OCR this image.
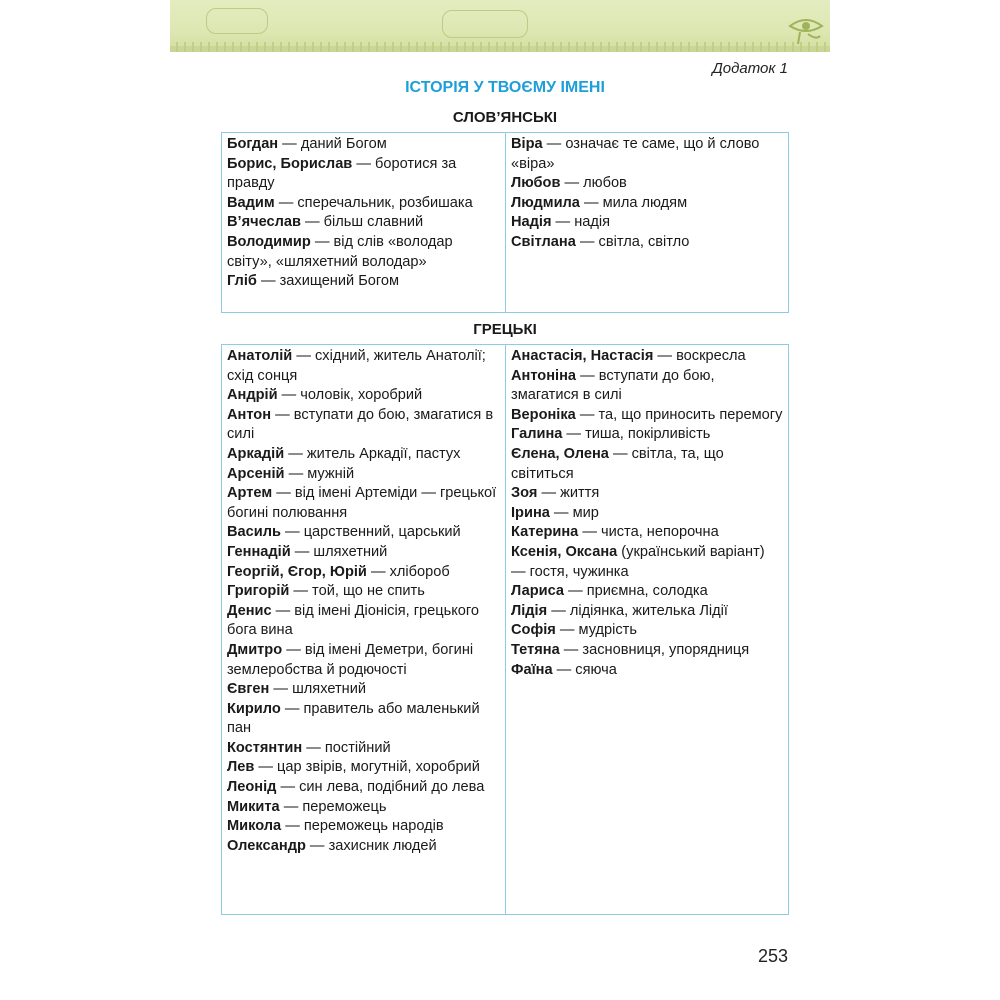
Додаток 1
ІСТОРІЯ У ТВОЄМУ ІМЕНІ
СЛОВ’ЯНСЬКІ
Богдан — даний Богом
Борис, Борислав — боротися за правду
Вадим — сперечальник, розбишака
В’ячеслав — більш славний
Володимир — від слів «володар світу», «шляхетний володар»
Гліб — захищений Богом
Віра — означає те саме, що й слово «віра»
Любов — любов
Людмила — мила людям
Надія — надія
Світлана — світла, світло
ГРЕЦЬКІ
Анатолій — східний, житель Анатолії; схід сонця
Андрій — чоловік, хоробрий
Антон — вступати до бою, змагатися в силі
Аркадій — житель Аркадії, пастух
Арсеній — мужній
Артем — від імені Артеміди — грецької богині полювання
Василь — царственний, царський
Геннадій — шляхетний
Георгій, Єгор, Юрій — хлібороб
Григорій — той, що не спить
Денис — від імені Діонісія, грецького бога вина
Дмитро — від імені Деметри, богині землеробства й родючості
Євген — шляхетний
Кирило — правитель або маленький пан
Костянтин — постійний
Лев — цар звірів, могутній, хоробрий
Леонід — син лева, подібний до лева
Микита — переможець
Микола — переможець народів
Олександр — захисник людей
Анастасія, Настасія — воскресла
Антоніна — вступати до бою, змагатися в силі
Вероніка — та, що приносить перемогу
Галина — тиша, покірливість
Єлена, Олена — світла, та, що світиться
Зоя — життя
Ірина — мир
Катерина — чиста, непорочна
Ксенія, Оксана (український варіант) — гостя, чужинка
Лариса — приємна, солодка
Лідія — лідіянка, жителька Лідії
Софія — мудрість
Тетяна — засновниця, упорядниця
Фаїна — сяюча
253
